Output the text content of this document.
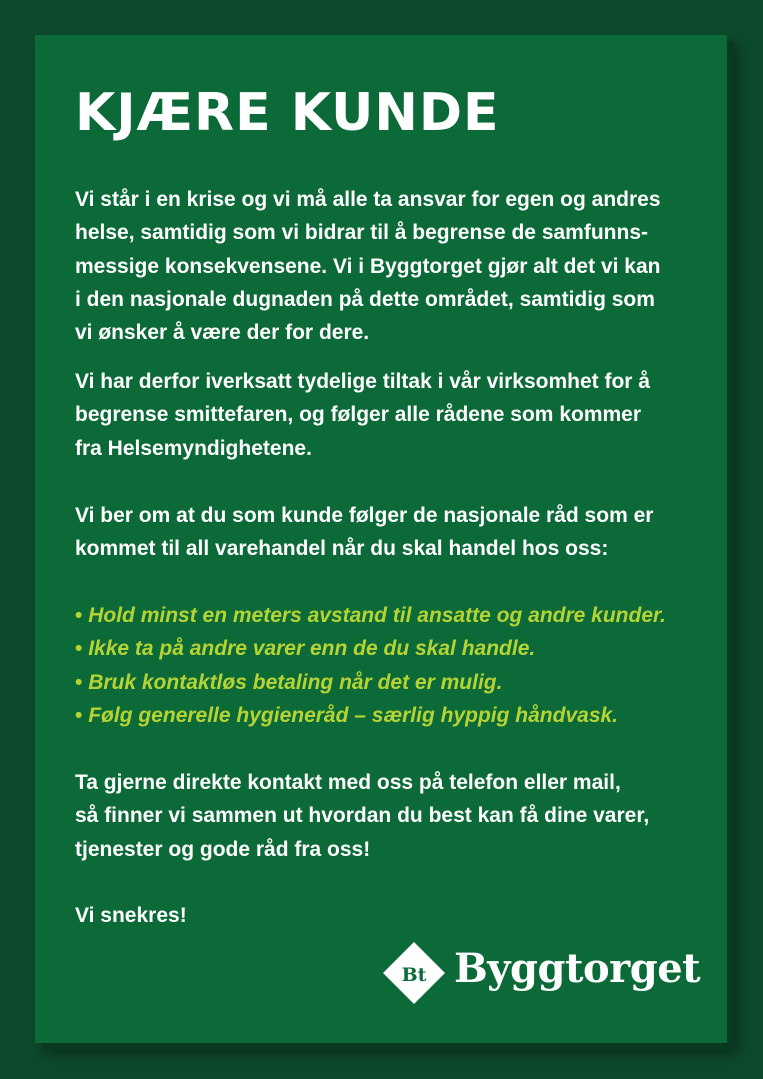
KJÆRE KUNDE

Vi står i en krise og vi må alle ta ansvar for egen og andres
helse, samtidig som vi bidrar til å begrense de samfunns-
messige konsekvensene. Vi i Byggtorget gjør alt det vi kan
i den nasjonale dugnaden på dette området, samtidig som
vi ønsker å være der for dere.

Vi har derfor iverksatt tydelige tiltak i vår virksomhet for å
begrense smittefaren, og følger alle rådene som kommer
fra Helsemyndighetene.

Vi ber om at du som kunde følger de nasjonale råd som er
kommet til all varehandel når du skal handel hos oss:

• Hold minst en meters avstand til ansatte og andre kunder.
• Ikke ta på andre varer enn de du skal handle.
• Bruk kontaktløs betaling når det er mulig.
• Følg generelle hygieneråd – særlig hyppig håndvask.

Ta gjerne direkte kontakt med oss på telefon eller mail,
så finner vi sammen ut hvordan du best kan få dine varer,
tjenester og gode råd fra oss!

Vi snekres!

Bt Byggtorget
